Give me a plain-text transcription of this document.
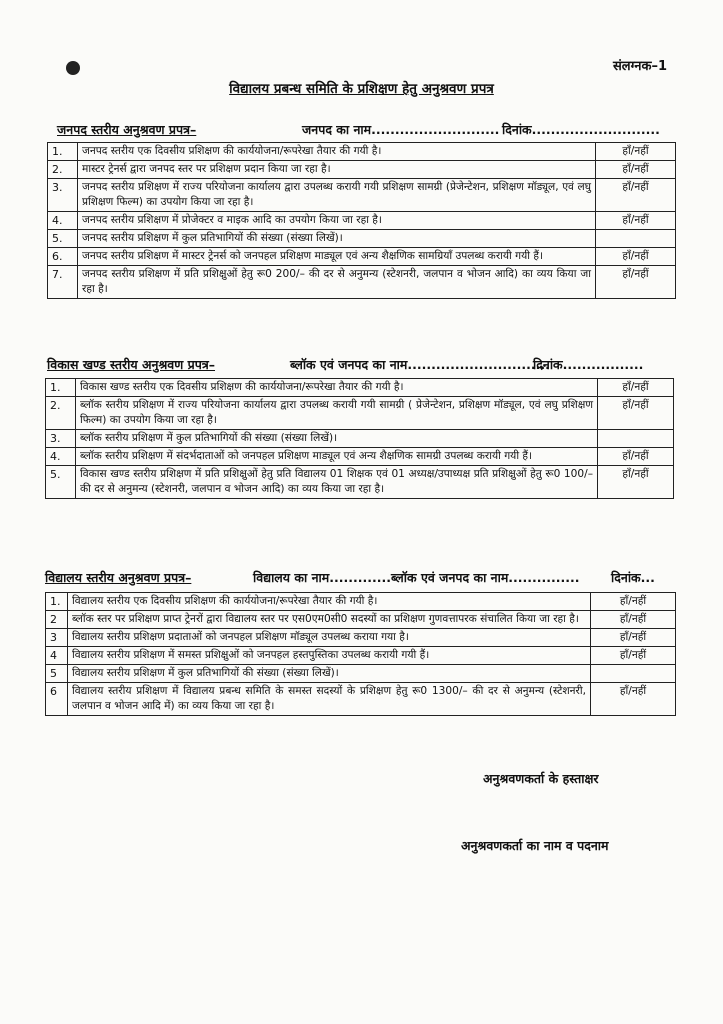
संलग्नक–1
विद्यालय प्रबन्ध समिति के प्रशिक्षण हेतु अनुश्रवण प्रपत्र
जनपद स्तरीय अनुश्रवण प्रपत्र–	जनपद का नाम........................... दिनांक...........................
1.	जनपद स्तरीय एक दिवसीय प्रशिक्षण की कार्ययोजना/रूपरेखा तैयार की गयी है।	हाँ/नहीं
2.	मास्टर ट्रेनर्स द्वारा जनपद स्तर पर प्रशिक्षण प्रदान किया जा रहा है।	हाँ/नहीं
3.	जनपद स्तरीय प्रशिक्षण में राज्य परियोजना कार्यालय द्वारा उपलब्ध करायी गयी प्रशिक्षण सामग्री (प्रेजेन्टेशन, प्रशिक्षण मॉड्यूल, एवं लघु प्रशिक्षण फिल्म) का उपयोग किया जा रहा है।	हाँ/नहीं
4.	जनपद स्तरीय प्रशिक्षण में प्रोजेक्टर व माइक आदि का उपयोग किया जा रहा है।	हाँ/नहीं
5.	जनपद स्तरीय प्रशिक्षण में कुल प्रतिभागियों की संख्या (संख्या लिखें)।	
6.	जनपद स्तरीय प्रशिक्षण में मास्टर ट्रेनर्स को जनपहल प्रशिक्षण माड्यूल एवं अन्य शैक्षणिक सामग्रियाँ उपलब्ध करायी गयी हैं।	हाँ/नहीं
7.	जनपद स्तरीय प्रशिक्षण में प्रति प्रशिक्षुओं हेतु रू0 200/– की दर से अनुमन्य (स्टेशनरी, जलपान व भोजन आदि) का व्यय किया जा रहा है।	हाँ/नहीं
विकास खण्ड स्तरीय अनुश्रवण प्रपत्र–	ब्लॉक एवं जनपद का नाम..............................
दिनांक.................
1.	विकास खण्ड स्तरीय एक दिवसीय प्रशिक्षण की कार्ययोजना/रूपरेखा तैयार की गयी है।	हाँ/नहीं
2.	ब्लॉक स्तरीय प्रशिक्षण में राज्य परियोजना कार्यालय द्वारा उपलब्ध करायी गयी सामग्री ( प्रेजेन्टेशन, प्रशिक्षण मॉड्यूल, एवं लघु प्रशिक्षण फिल्म) का उपयोग किया जा रहा है।	हाँ/नहीं
3.	ब्लॉक स्तरीय प्रशिक्षण में कुल प्रतिभागियों की संख्या (संख्या लिखें)।	
4.	ब्लॉक स्तरीय प्रशिक्षण में संदर्भदाताओं को जनपहल प्रशिक्षण माड्यूल एवं अन्य शैक्षणिक सामग्री उपलब्ध करायी गयी हैं।	हाँ/नहीं
5.	विकास खण्ड स्तरीय प्रशिक्षण में प्रति प्रशिक्षुओं हेतु प्रति विद्यालय 01 शिक्षक एवं 01 अध्यक्ष/उपाध्यक्ष प्रति प्रशिक्षुओं हेतु रू0 100/– की दर से अनुमन्य (स्टेशनरी, जलपान व भोजन आदि) का व्यय किया जा रहा है।	हाँ/नहीं
विद्यालय स्तरीय अनुश्रवण प्रपत्र–	विद्यालय का नाम.............ब्लॉक एवं जनपद का नाम...............	दिनांक...
1.	विद्यालय स्तरीय एक दिवसीय प्रशिक्षण की कार्ययोजना/रूपरेखा तैयार की गयी है।	हाँ/नहीं
2	ब्लॉक स्तर पर प्रशिक्षण प्राप्त ट्रेनरों द्वारा विद्यालय स्तर पर एस0एम0सी0 सदस्यों का प्रशिक्षण गुणवत्तापरक संचालित किया जा रहा है।	हाँ/नहीं
3	विद्यालय स्तरीय प्रशिक्षण प्रदाताओं को जनपहल प्रशिक्षण मॉड्यूल उपलब्ध कराया गया है।	हाँ/नहीं
4	विद्यालय स्तरीय प्रशिक्षण में समस्त प्रशिक्षुओं को जनपहल हस्तपुस्तिका उपलब्ध करायी गयी हैं।	हाँ/नहीं
5	विद्यालय स्तरीय प्रशिक्षण में कुल प्रतिभागियों की संख्या (संख्या लिखें)।	
6	विद्यालय स्तरीय प्रशिक्षण में विद्यालय प्रबन्ध समिति के समस्त सदस्यों के प्रशिक्षण हेतु रू0 1300/– की दर से अनुमन्य (स्टेशनरी, जलपान व भोजन आदि में) का व्यय किया जा रहा है।	हाँ/नहीं
अनुश्रवणकर्ता के हस्ताक्षर
अनुश्रवणकर्ता का नाम व पदनाम
